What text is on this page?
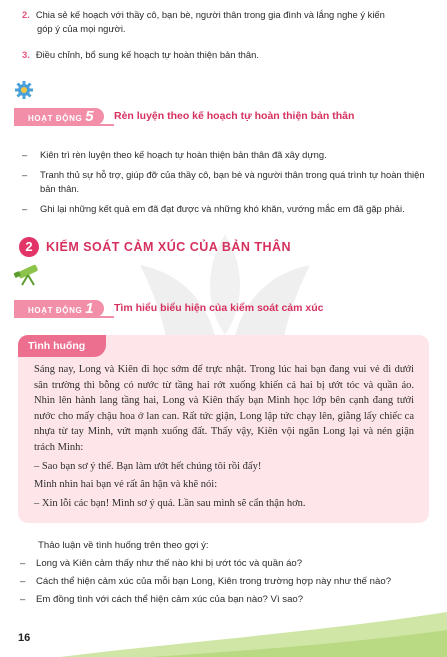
2. Chia sẻ kế hoạch với thầy cô, bạn bè, người thân trong gia đình và lắng nghe ý kiến
góp ý của mọi người.
3. Điều chỉnh, bổ sung kế hoạch tự hoàn thiện bản thân.
HOẠT ĐỘNG 5	Rèn luyện theo kế hoạch tự hoàn thiện bản thân
– Kiên trì rèn luyện theo kế hoạch tự hoàn thiện bản thân đã xây dựng.
– Tranh thủ sự hỗ trợ, giúp đỡ của thầy cô, bạn bè và người thân trong quá trình tự hoàn thiện
bản thân.
– Ghi lại những kết quả em đã đạt được và những khó khăn, vướng mắc em đã gặp phải.
2	KIỂM SOÁT CẢM XÚC CỦA BẢN THÂN
HOẠT ĐỘNG 1	Tìm hiểu biểu hiện của kiểm soát cảm xúc
Tình huống

Sáng nay, Long và Kiên đi học sớm để trực nhật. Trong lúc hai bạn đang vui vẻ đi dưới sân trường thì bỗng có nước từ tầng hai rớt xuống khiến cả hai bị ướt tóc và quần áo. Nhìn lên hành lang tầng hai, Long và Kiên thấy bạn Minh học lớp bên cạnh đang tưới nước cho mấy chậu hoa ở lan can. Rất tức giận, Long lập tức chạy lên, giằng lấy chiếc ca nhựa từ tay Minh, vứt mạnh xuống đất. Thấy vậy, Kiên vội ngăn Long lại và nén giận trách Minh:

– Sao bạn sơ ý thế. Bạn làm ướt hết chúng tôi rồi đấy!

Minh nhìn hai bạn vẻ rất ân hận và khẽ nói:

– Xin lỗi các bạn! Mình sơ ý quá. Lần sau mình sẽ cẩn thận hơn.

Thảo luận về tình huống trên theo gợi ý:
– Long và Kiên cảm thấy như thế nào khi bị ướt tóc và quần áo?
– Cách thể hiện cảm xúc của mỗi bạn Long, Kiên trong trường hợp này như thế nào?
– Em đồng tình với cách thể hiện cảm xúc của bạn nào? Vì sao?
16
